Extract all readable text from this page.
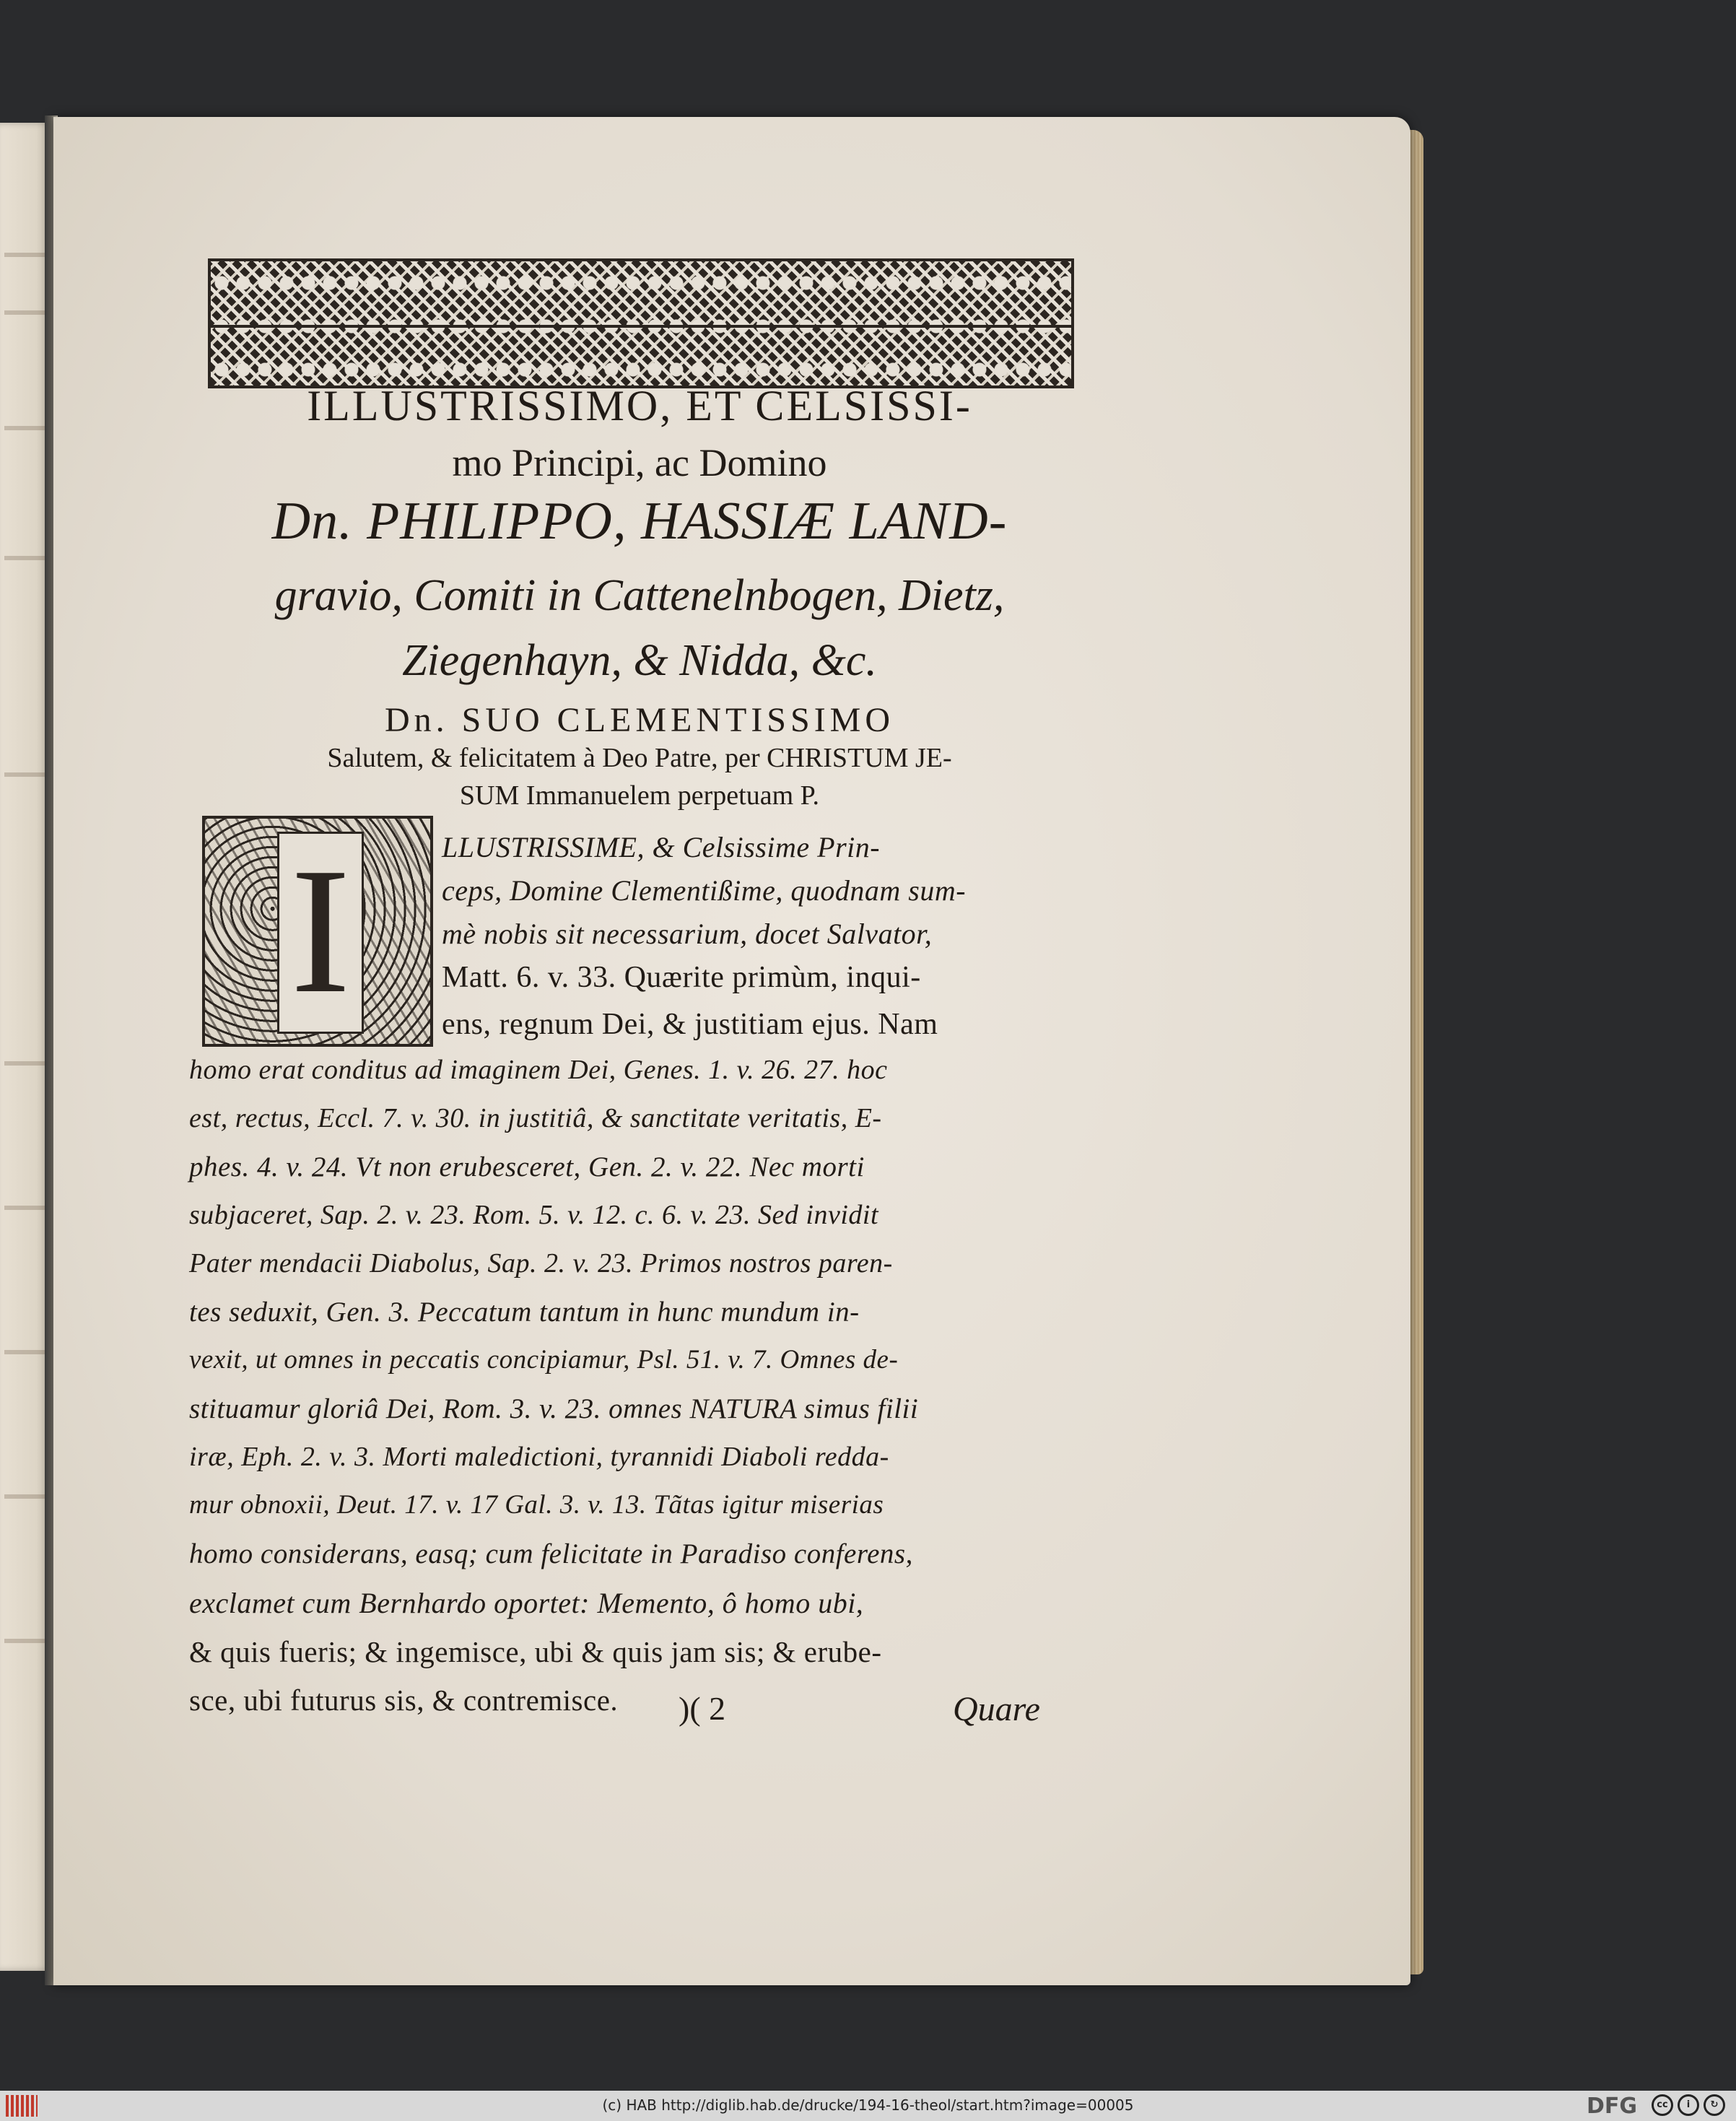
ILLUSTRISSIMO, ET CELSISSI-
mo Principi, ac Domino
Dn. PHILIPPO, HASSIÆ LAND-
gravio, Comiti in Cattenelnbogen, Dietz,
Ziegenhayn, & Nidda, &c.
Dn. SUO CLEMENTISSIMO
Salutem, & felicitatem à Deo Patre, per CHRISTUM JE-
SUM Immanuelem perpetuam P.
I	LLUSTRISSIME, & Celsissime Prin-
ceps, Domine Clementißime, quodnam sum-
mè nobis sit necessarium, docet Salvator,
Matt. 6. v. 33. Quærite primùm, inqui-
ens, regnum Dei, & justitiam ejus. Nam
homo erat conditus ad imaginem Dei, Genes. 1. v. 26. 27. hoc
est, rectus, Eccl. 7. v. 30. in justitiâ, & sanctitate veritatis, E-
phes. 4. v. 24. Vt non erubesceret, Gen. 2. v. 22. Nec morti
subjaceret, Sap. 2. v. 23. Rom. 5. v. 12. c. 6. v. 23. Sed invidit
Pater mendacii Diabolus, Sap. 2. v. 23. Primos nostros paren-
tes seduxit, Gen. 3. Peccatum tantum in hunc mundum in-
vexit, ut omnes in peccatis concipiamur, Psl. 51. v. 7. Omnes de-
stituamur gloriâ Dei, Rom. 3. v. 23. omnes NATURA simus filii
iræ, Eph. 2. v. 3. Morti maledictioni, tyrannidi Diaboli redda-
mur obnoxii, Deut. 17. v. 17 Gal. 3. v. 13. Tãtas igitur miserias
homo considerans, easq; cum felicitate in Paradiso conferens,
exclamet cum Bernhardo oportet: Memento, ô homo ubi,
& quis fueris; & ingemisce, ubi & quis jam sis; & erube-
sce, ubi futurus sis, & contremisce. )( 2	Quare
(c) HAB http://diglib.hab.de/drucke/194-16-theol/start.htm?image=00005	DFG	cc	i	↻
